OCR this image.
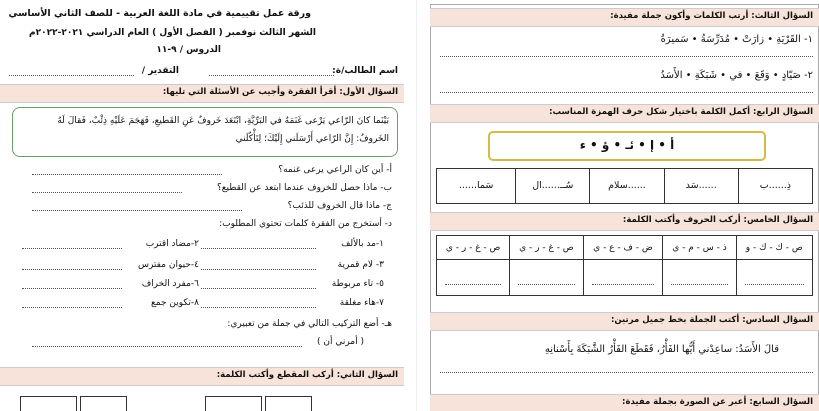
ورقة عمل تقييمية في مادة اللغة العربية - للصف الثاني الأساسي
الشهر الثالث نوفمبر ( الفصل الأول ) العام الدراسي ٢٠٢١-٢٠٢٢م
الدروس / ٩-١١
اسم الطالب/ة:
التقدير /
السؤال الأول: أقرأ الفقرة وأجيب عن الأسئلة التي تليها:
بَيْنَما كانَ الرّاعي يَرْعى غَنَمَهُ في البَرِّيَّةِ، ابْتَعَدَ خَروفٌ عَنِ القَطيعِ، فَهَجَمَ عَلَيْهِ ذِئْبٌ، فَقالَ لَهُ
الخَروفُ: إِنَّ الرّاعي أَرْسَلَني إِلَيْكَ؛ لِتَأْكُلَني
أ- أين كان الراعي يرعى غنمه؟
ب- ماذا حصل للخروف عندما ابتعد عن القطيع؟
ج- ماذا قال الخروف للذئب؟
د- أستخرج من الفقرة كلمات تحتوي المطلوب:
١-مد بالألف
٢-مضاد اقترب
٣- لام قمرية
٤-حيوان مفترس
٥- تاء مربوطة
٦-مفرد الخراف
٧-هاء مغلقة
٨-تكوين جمع
هـ- أضع التركيب التالي في جملة من تعبيري:
( أمرني أن )
السؤال الثاني: أركب المقطع وأكتب الكلمة:
السؤال الثالث: أرتب الكلمات وأكون جملة مفيدة:
١- القَرْيَةِ • زارَتْ • مُدَرِّسَةُ • سَميرَةُ
٢- صَيّادٍ • وَقَعَ • في • شَبَكَةِ • الأَسَدُ
السؤال الرابع: أكمل الكلمة باختيار شكل حرف الهمزة المناسب:
أ • إ • ئـ • ؤ • ء
ذِ......ب
......سَد
......سلام
سُــ......ال
سَما......
السؤال الخامس: أركب الحروف وأكتب الكلمة:
ص - ك - ك - و	ذ - س - م - ي	ض - ف - ع - ي	ص - غ - ر - ي	ص - غ - ر - ي

السؤال السادس: أكتب الجملة بخط جميل مرتين:
قالَ الأَسَدُ: ساعِدْني أَيُّها الفَأْرُ، فَقَطَعَ الفَأْرُ الشَّبَكَةَ بِأَسْنانِهِ
السؤال السابع: أعبر عن الصورة بجملة مفيدة:
